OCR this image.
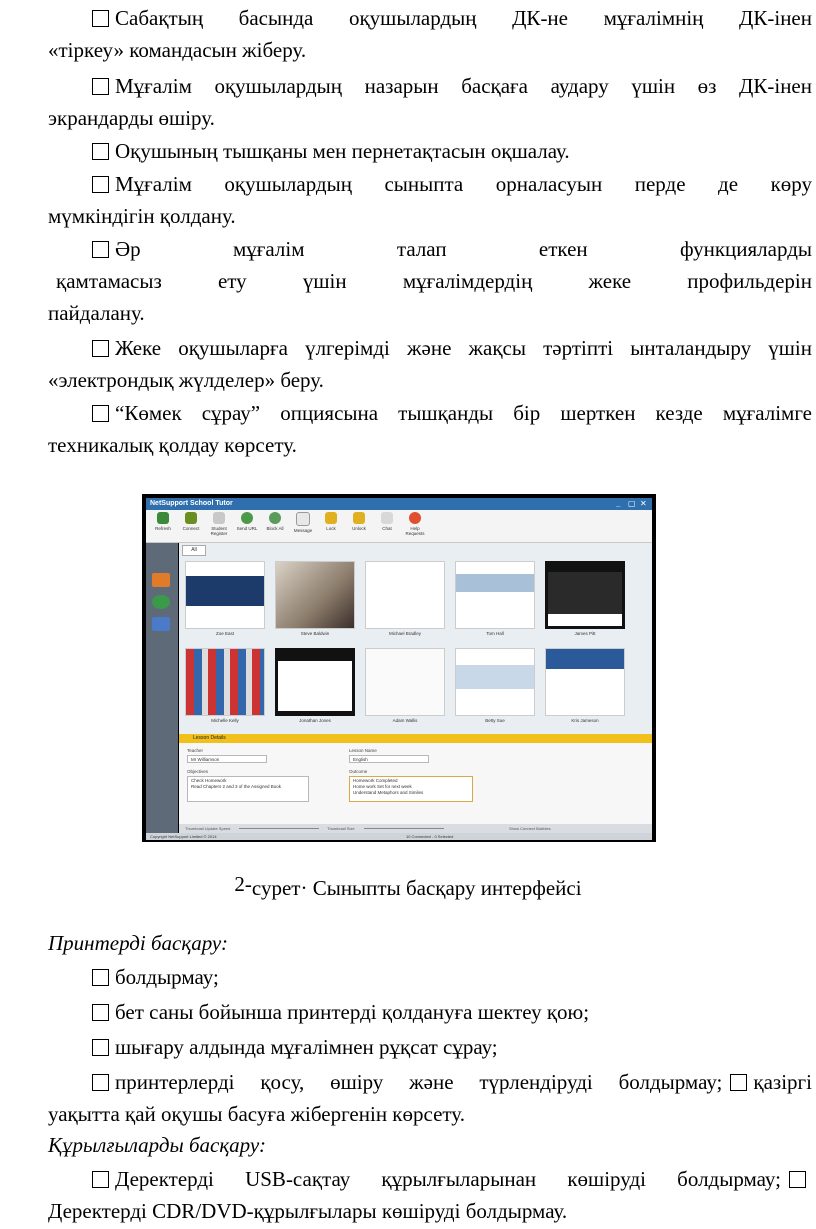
Сабақтың басында оқушылардың ДК-не мұғалімнің ДК-інен
«тіркеу» командасын жіберу.
Мұғалім оқушылардың назарын басқаға аудару үшін өз ДК-інен
экрандарды өшіру.
Оқушының тышқаны мен пернетақтасын оқшалау.
Мұғалім оқушылардың сыныпта орналасуын перде де көру
мүмкіндігін қолдану.
Әр мұғалім талап еткен функцияларды
қамтамасыз ету үшін мұғалімдердің жеке профильдерін
пайдалану.
Жеке оқушыларға үлгерімді және жақсы тәртіпті ынталандыру үшін
«электрондық жүлделер» беру.
“Көмек сұрау” опциясына тышқанды бір шерткен кезде мұғалімге
техникалық қолдау көрсету.
NetSupport School Tutor	_ ▢ ✕
Refresh	Connect	Student Register
Send URL	Block All	Message	Lock	Unlock	Chat	Help Requests
All
Zoe East	Steve Baldwin	Michael Bradley	Tom Hall	James Pitt
Michelle Kelly	Jonathan Jones	Adam Wallis	Betty Sue	Kris Jameson
Lesson Details
Teacher
Mr Williamson
Lesson Name
English
Objectives
Check Homework
Read Chapters 2 and 3 of the Assigned Book
Outcome
Homework Completed
Home work Set for next week
Understand Metaphors and Similes
Thumbnail Update Speed	Thumbnail Size	Show Connect Bubbles
Copyright NetSupport Limited © 2014	10 Connected - 0 Selected
2-сурет· Сыныпты басқару интерфейсі
Принтерді басқару:
болдырмау;
бет саны бойынша принтерді қолдануға шектеу қою;
шығару алдында мұғалімнен рұқсат сұрау;
принтерлерді қосу, өшіру және түрлендіруді болдырмау; қазіргі
уақытта қай оқушы басуға жібергенін көрсету.
Құрылғыларды басқару:
Деректерді USB-сақтау құрылғыларынан көшіруді болдырмау;
Деректерді CDR/DVD-құрылғылары көшіруді болдырмау.
